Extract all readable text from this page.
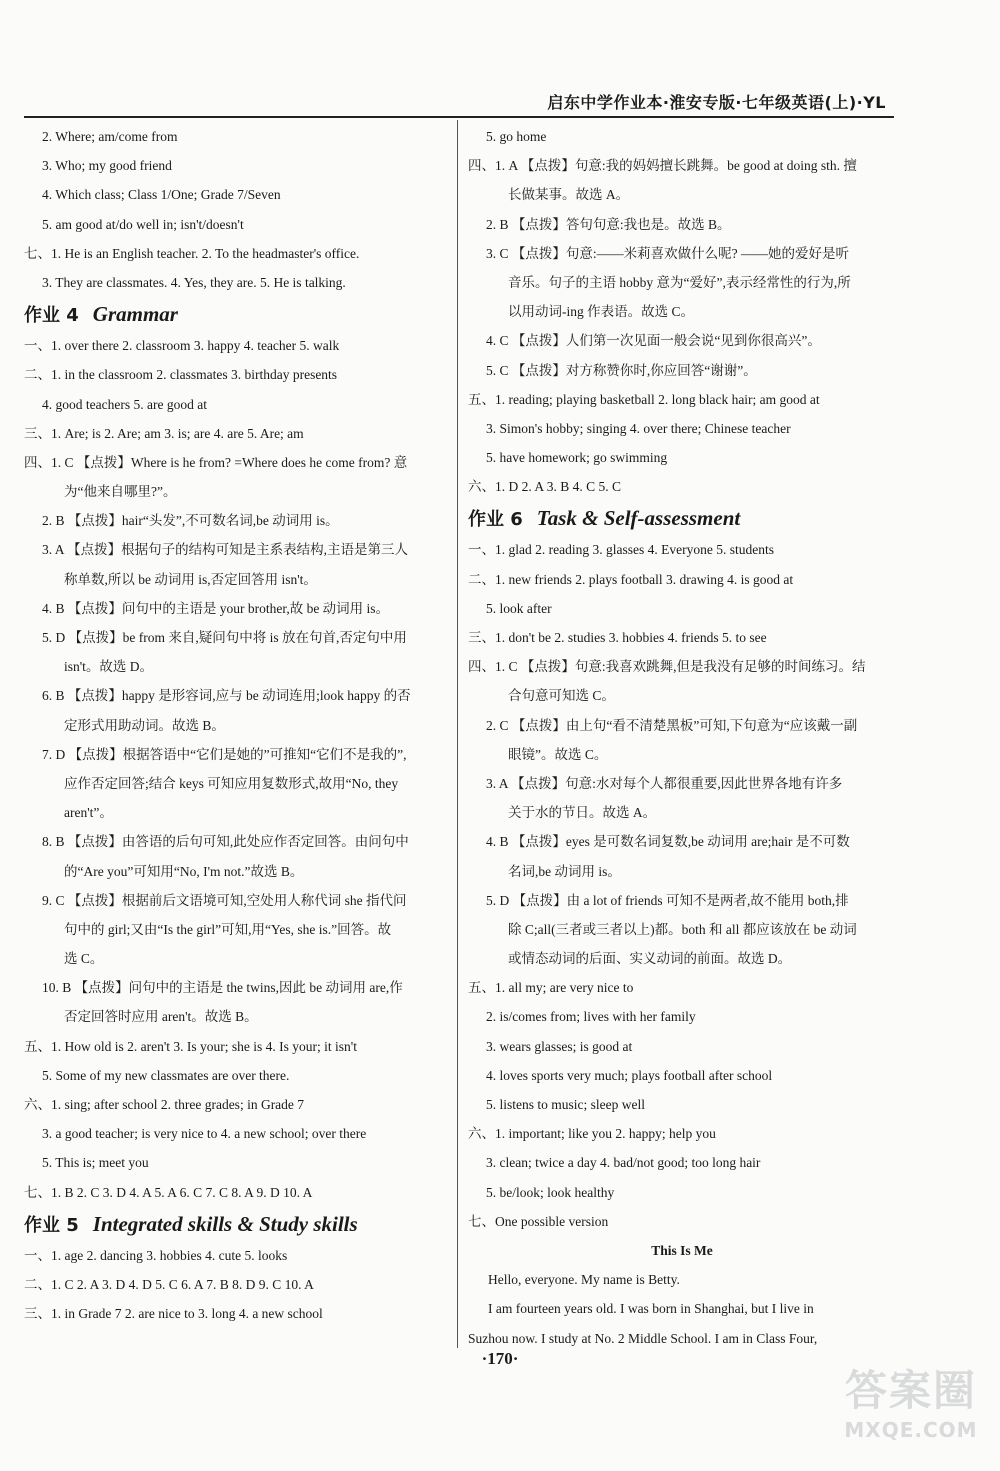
启东中学作业本·淮安专版·七年级英语(上)·YL
2. Where; am/come from
3. Who; my good friend
4. Which class; Class 1/One; Grade 7/Seven
5. am good at/do well in; isn't/doesn't
七、1. He is an English teacher. 2. To the headmaster's office.
3. They are classmates. 4. Yes, they are. 5. He is talking.
作业 4 Grammar
一、1. over there 2. classroom 3. happy 4. teacher 5. walk
二、1. in the classroom 2. classmates 3. birthday presents
4. good teachers 5. are good at
三、1. Are; is 2. Are; am 3. is; are 4. are 5. Are; am
四、1. C 【点拨】Where is he from? =Where does he come from? 意
为“他来自哪里?”。
2. B 【点拨】hair“头发”,不可数名词,be 动词用 is。
3. A 【点拨】根据句子的结构可知是主系表结构,主语是第三人
称单数,所以 be 动词用 is,否定回答用 isn't。
4. B 【点拨】问句中的主语是 your brother,故 be 动词用 is。
5. D 【点拨】be from 来自,疑问句中将 is 放在句首,否定句中用
isn't。故选 D。
6. B 【点拨】happy 是形容词,应与 be 动词连用;look happy 的否
定形式用助动词。故选 B。
7. D 【点拨】根据答语中“它们是她的”可推知“它们不是我的”,
应作否定回答;结合 keys 可知应用复数形式,故用“No, they
aren't”。
8. B 【点拨】由答语的后句可知,此处应作否定回答。由问句中
的“Are you”可知用“No, I'm not.”故选 B。
9. C 【点拨】根据前后文语境可知,空处用人称代词 she 指代问
句中的 girl;又由“Is the girl”可知,用“Yes, she is.”回答。故
选 C。
10. B 【点拨】问句中的主语是 the twins,因此 be 动词用 are,作
否定回答时应用 aren't。故选 B。
五、1. How old is 2. aren't 3. Is your; she is 4. Is your; it isn't
5. Some of my new classmates are over there.
六、1. sing; after school 2. three grades; in Grade 7
3. a good teacher; is very nice to 4. a new school; over there
5. This is; meet you
七、1. B 2. C 3. D 4. A 5. A 6. C 7. C 8. A 9. D 10. A
作业 5 Integrated skills & Study skills
一、1. age 2. dancing 3. hobbies 4. cute 5. looks
二、1. C 2. A 3. D 4. D 5. C 6. A 7. B 8. D 9. C 10. A
三、1. in Grade 7 2. are nice to 3. long 4. a new school
5. go home
四、1. A 【点拨】句意:我的妈妈擅长跳舞。be good at doing sth. 擅
长做某事。故选 A。
2. B 【点拨】答句句意:我也是。故选 B。
3. C 【点拨】句意:——米莉喜欢做什么呢? ——她的爱好是听
音乐。句子的主语 hobby 意为“爱好”,表示经常性的行为,所
以用动词-ing 作表语。故选 C。
4. C 【点拨】人们第一次见面一般会说“见到你很高兴”。
5. C 【点拨】对方称赞你时,你应回答“谢谢”。
五、1. reading; playing basketball 2. long black hair; am good at
3. Simon's hobby; singing 4. over there; Chinese teacher
5. have homework; go swimming
六、1. D 2. A 3. B 4. C 5. C
作业 6 Task & Self-assessment
一、1. glad 2. reading 3. glasses 4. Everyone 5. students
二、1. new friends 2. plays football 3. drawing 4. is good at
5. look after
三、1. don't be 2. studies 3. hobbies 4. friends 5. to see
四、1. C 【点拨】句意:我喜欢跳舞,但是我没有足够的时间练习。结
合句意可知选 C。
2. C 【点拨】由上句“看不清楚黑板”可知,下句意为“应该戴一副
眼镜”。故选 C。
3. A 【点拨】句意:水对每个人都很重要,因此世界各地有许多
关于水的节日。故选 A。
4. B 【点拨】eyes 是可数名词复数,be 动词用 are;hair 是不可数
名词,be 动词用 is。
5. D 【点拨】由 a lot of friends 可知不是两者,故不能用 both,排
除 C;all(三者或三者以上)都。both 和 all 都应该放在 be 动词
或情态动词的后面、实义动词的前面。故选 D。
五、1. all my; are very nice to
2. is/comes from; lives with her family
3. wears glasses; is good at
4. loves sports very much; plays football after school
5. listens to music; sleep well
六、1. important; like you 2. happy; help you
3. clean; twice a day 4. bad/not good; too long hair
5. be/look; look healthy
七、One possible version
This Is Me
Hello, everyone. My name is Betty.
I am fourteen years old. I was born in Shanghai, but I live in
Suzhou now. I study at No. 2 Middle School. I am in Class Four,
·170·
答案圈
MXQE.COM
